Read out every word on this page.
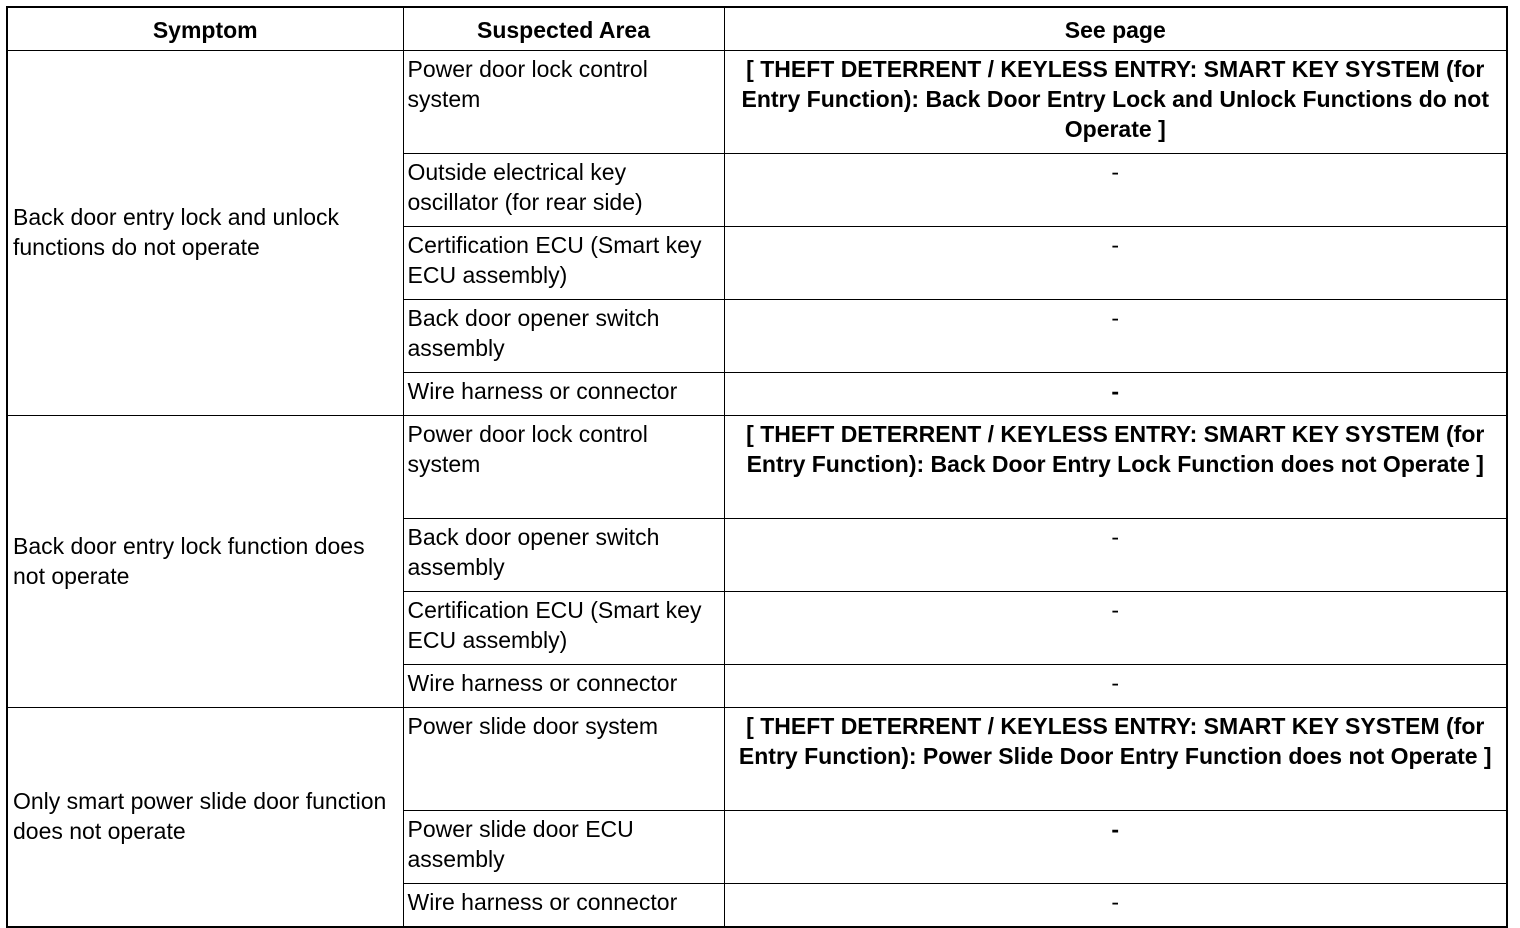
Symptom	Suspected Area	See page
Back door entry lock and unlock functions do not operate	Power door lock control system	[ THEFT DETERRENT / KEYLESS ENTRY: SMART KEY SYSTEM (for Entry Function): Back Door Entry Lock and Unlock Functions do not Operate ]
	Outside electrical key oscillator (for rear side)	-
	Certification ECU (Smart key ECU assembly)	-
	Back door opener switch assembly	-
	Wire harness or connector	-
Back door entry lock function does not operate	Power door lock control system	[ THEFT DETERRENT / KEYLESS ENTRY: SMART KEY SYSTEM (for Entry Function): Back Door Entry Lock Function does not Operate ]
	Back door opener switch assembly	-
	Certification ECU (Smart key ECU assembly)	-
	Wire harness or connector	-
Only smart power slide door function does not operate	Power slide door system	[ THEFT DETERRENT / KEYLESS ENTRY: SMART KEY SYSTEM (for Entry Function): Power Slide Door Entry Function does not Operate ]
	Power slide door ECU assembly	-
	Wire harness or connector	-
